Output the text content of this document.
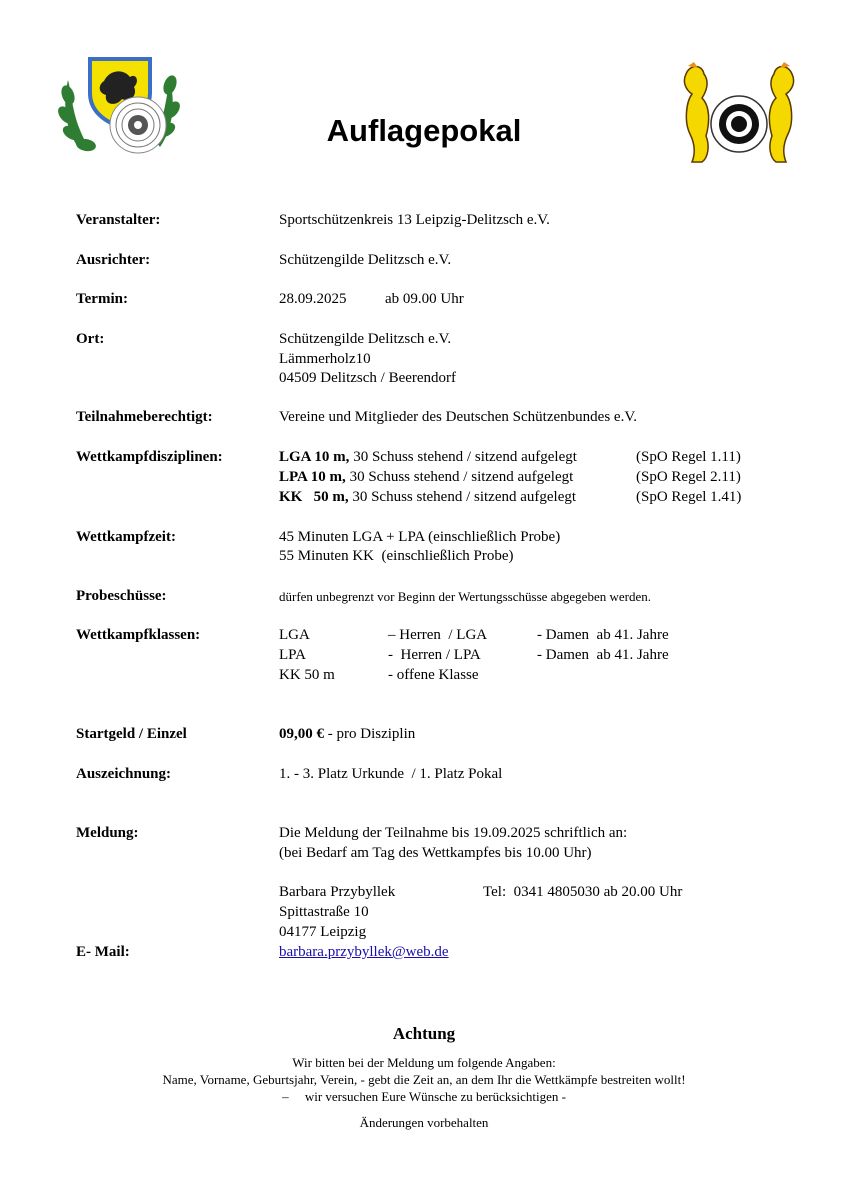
Auflagepokal
Veranstalter:	Sportschützenkreis 13 Leipzig-Delitzsch e.V.
Ausrichter:	Schützengilde Delitzsch e.V.
Termin:	28.09.2025	ab 09.00 Uhr
Ort:	Schützengilde Delitzsch e.V.
Lämmerholz10
04509 Delitzsch / Beerendorf
Teilnahmeberechtigt:	Vereine und Mitglieder des Deutschen Schützenbundes e.V.
Wettkampfdisziplinen:	LGA 10 m, 30 Schuss stehend / sitzend aufgelegt	(SpO Regel 1.11)
LPA 10 m, 30 Schuss stehend / sitzend aufgelegt	(SpO Regel 2.11)
KK   50 m, 30 Schuss stehend / sitzend aufgelegt	(SpO Regel 1.41)
Wettkampfzeit:	45 Minuten LGA + LPA (einschließlich Probe)
55 Minuten KK  (einschließlich Probe)
Probeschüsse:	dürfen unbegrenzt vor Beginn der Wertungsschüsse abgegeben werden.
Wettkampfklassen:	LGA	– Herren  / LGA	- Damen  ab 41. Jahre
LPA	-  Herren / LPA	- Damen  ab 41. Jahre
KK 50 m	- offene Klasse
Startgeld / Einzel	09,00 € - pro Disziplin
Auszeichnung:	1. - 3. Platz Urkunde  / 1. Platz Pokal
Meldung:	Die Meldung der Teilnahme bis 19.09.2025 schriftlich an:
(bei Bedarf am Tag des Wettkampfes bis 10.00 Uhr)
Barbara Przybyllek	Tel:  0341 4805030 ab 20.00 Uhr
Spittastraße 10
04177 Leipzig
E- Mail:	barbara.przybyllek@web.de
Achtung
Wir bitten bei der Meldung um folgende Angaben:
Name, Vorname, Geburtsjahr, Verein, - gebt die Zeit an, an dem Ihr die Wettkämpfe bestreiten wollt!
–     wir versuchen Eure Wünsche zu berücksichtigen -
Änderungen vorbehalten
